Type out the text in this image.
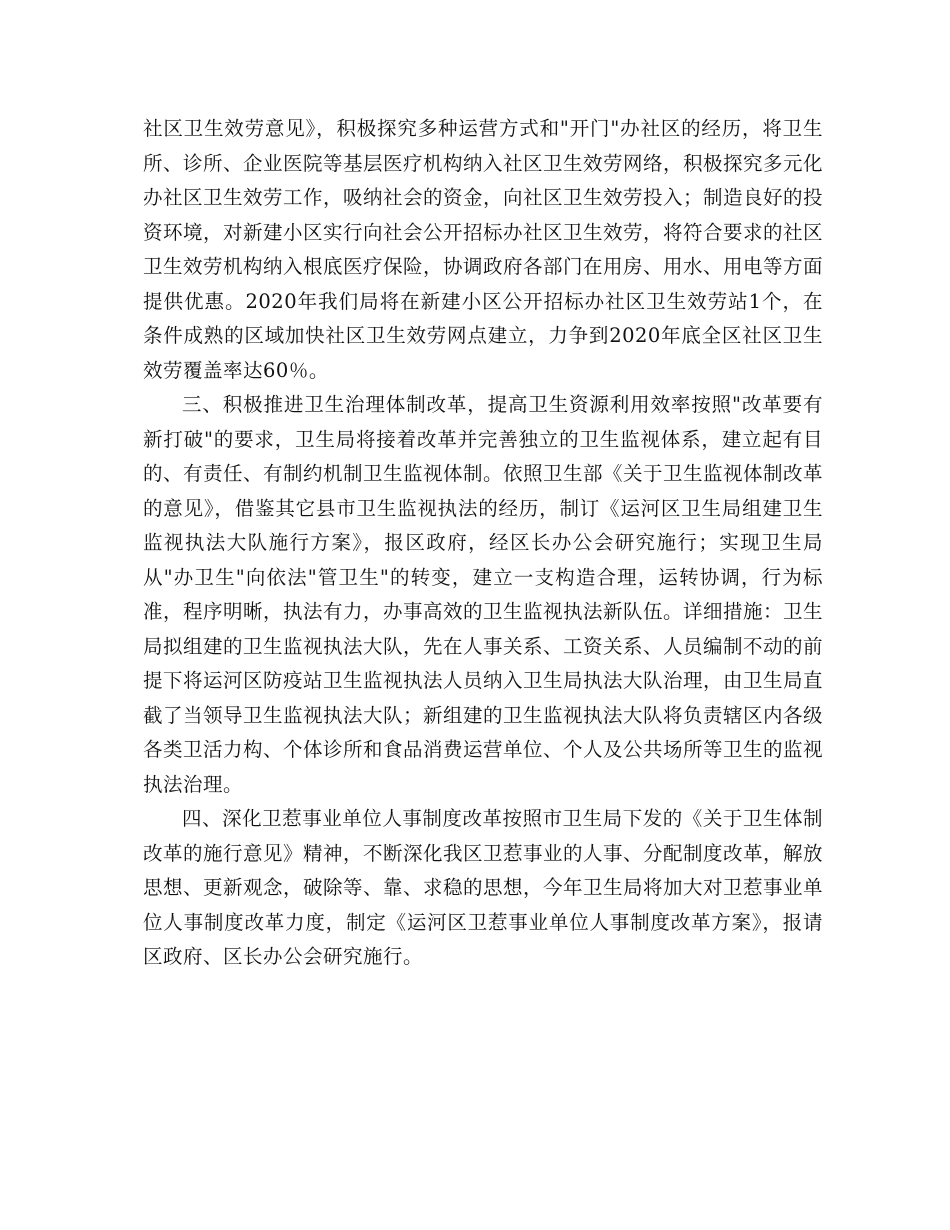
社区卫生效劳意见》，积极探究多种运营方式和"开门"办社区的经历，将卫生所、诊所、企业医院等基层医疗机构纳入社区卫生效劳网络，积极探究多元化办社区卫生效劳工作，吸纳社会的资金，向社区卫生效劳投入；制造良好的投资环境，对新建小区实行向社会公开招标办社区卫生效劳，将符合要求的社区卫生效劳机构纳入根底医疗保险，协调政府各部门在用房、用水、用电等方面提供优惠。2020年我们局将在新建小区公开招标办社区卫生效劳站1个，在条件成熟的区域加快社区卫生效劳网点建立，力争到2020年底全区社区卫生效劳覆盖率达60％。

三、积极推进卫生治理体制改革，提高卫生资源利用效率按照"改革要有新打破"的要求，卫生局将接着改革并完善独立的卫生监视体系，建立起有目的、有责任、有制约机制卫生监视体制。依照卫生部《关于卫生监视体制改革的意见》，借鉴其它县市卫生监视执法的经历，制订《运河区卫生局组建卫生监视执法大队施行方案》，报区政府，经区长办公会研究施行；实现卫生局从"办卫生"向依法"管卫生"的转变，建立一支构造合理，运转协调，行为标准，程序明晰，执法有力，办事高效的卫生监视执法新队伍。详细措施：卫生局拟组建的卫生监视执法大队，先在人事关系、工资关系、人员编制不动的前提下将运河区防疫站卫生监视执法人员纳入卫生局执法大队治理，由卫生局直截了当领导卫生监视执法大队；新组建的卫生监视执法大队将负责辖区内各级各类卫活力构、个体诊所和食品消费运营单位、个人及公共场所等卫生的监视执法治理。

四、深化卫惹事业单位人事制度改革按照市卫生局下发的《关于卫生体制改革的施行意见》精神，不断深化我区卫惹事业的人事、分配制度改革，解放思想、更新观念，破除等、靠、求稳的思想，今年卫生局将加大对卫惹事业单位人事制度改革力度，制定《运河区卫惹事业单位人事制度改革方案》，报请区政府、区长办公会研究施行。
